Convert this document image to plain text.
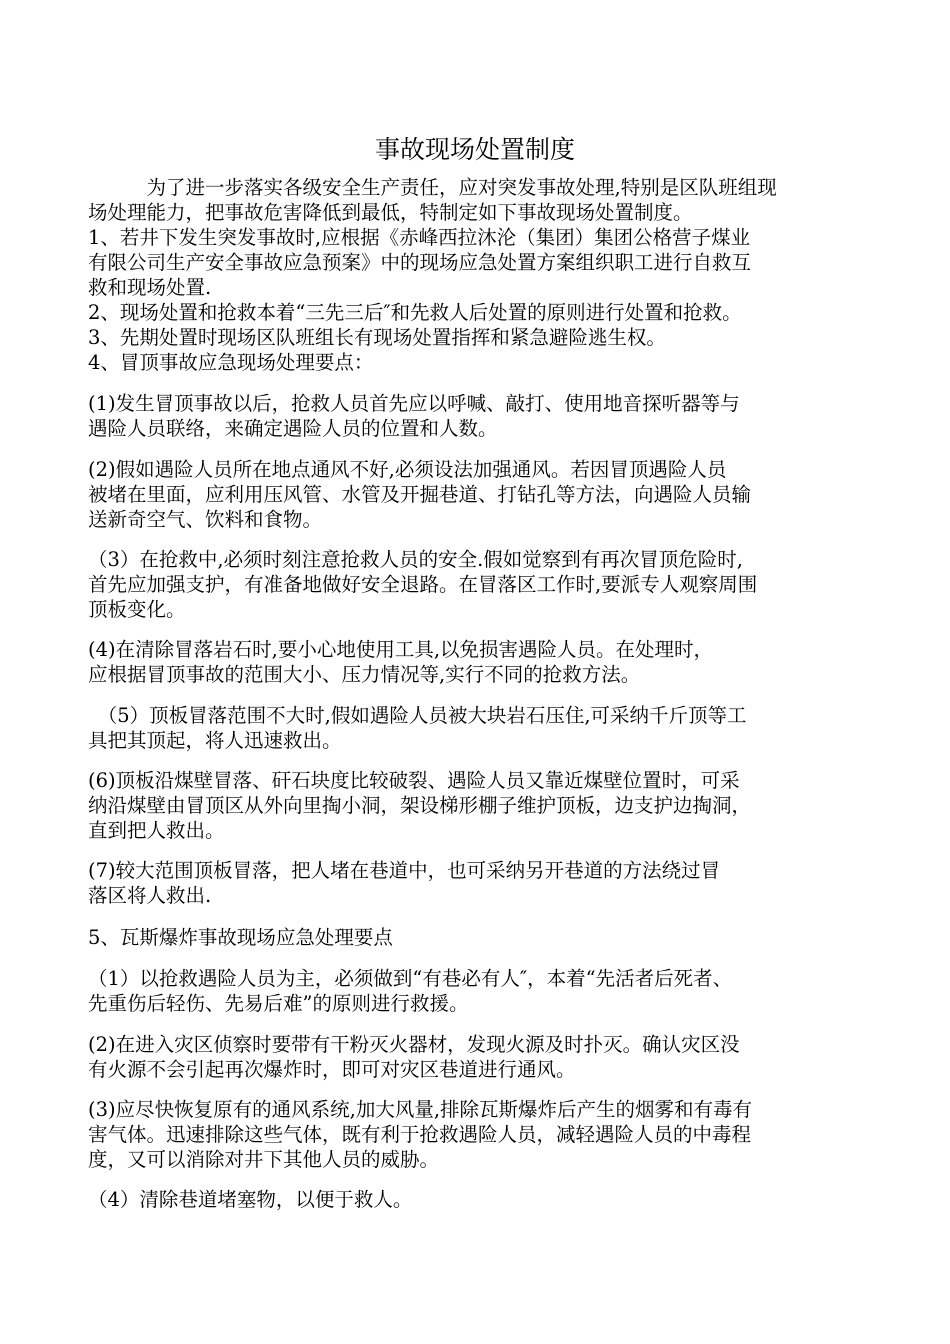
事故现场处置制度
　　　为了进一步落实各级安全生产责任，应对突发事故处理,特别是区队班组现
场处理能力，把事故危害降低到最低，特制定如下事故现场处置制度。
1、若井下发生突发事故时,应根据《赤峰西拉沐沦（集团）集团公格营子煤业
有限公司生产安全事故应急预案》中的现场应急处置方案组织职工进行自救互
救和现场处置.
2、现场处置和抢救本着“三先三后″和先救人后处置的原则进行处置和抢救。
3、先期处置时现场区队班组长有现场处置指挥和紧急避险逃生权。
4、冒顶事故应急现场处理要点：
(1)发生冒顶事故以后，抢救人员首先应以呼喊、敲打、使用地音探听器等与
遇险人员联络，来确定遇险人员的位置和人数。
(2)假如遇险人员所在地点通风不好,必须设法加强通风。若因冒顶遇险人员
被堵在里面，应利用压风管、水管及开掘巷道、打钻孔等方法，向遇险人员输
送新奇空气、饮料和食物。
（3）在抢救中,必须时刻注意抢救人员的安全.假如觉察到有再次冒顶危险时,
首先应加强支护，有准备地做好安全退路。在冒落区工作时,要派专人观察周围
顶板变化。
(4)在清除冒落岩石时,要小心地使用工具,以免损害遇险人员。在处理时，
应根据冒顶事故的范围大小、压力情况等,实行不同的抢救方法。
　（5）顶板冒落范围不大时,假如遇险人员被大块岩石压住,可采纳千斤顶等工
具把其顶起，将人迅速救出。
(6)顶板沿煤壁冒落、矸石块度比较破裂、遇险人员又靠近煤壁位置时，可采
纳沿煤壁由冒顶区从外向里掏小洞，架设梯形棚子维护顶板，边支护边掏洞，
直到把人救出。
(7)较大范围顶板冒落，把人堵在巷道中，也可采纳另开巷道的方法绕过冒
落区将人救出.
5、瓦斯爆炸事故现场应急处理要点
（1）以抢救遇险人员为主，必须做到“有巷必有人″，本着“先活者后死者、
先重伤后轻伤、先易后难”的原则进行救援。
(2)在进入灾区侦察时要带有干粉灭火器材，发现火源及时扑灭。确认灾区没
有火源不会引起再次爆炸时，即可对灾区巷道进行通风。
(3)应尽快恢复原有的通风系统,加大风量,排除瓦斯爆炸后产生的烟雾和有毒有
害气体。迅速排除这些气体，既有利于抢救遇险人员，减轻遇险人员的中毒程
度，又可以消除对井下其他人员的威胁。
（4）清除巷道堵塞物，以便于救人。
